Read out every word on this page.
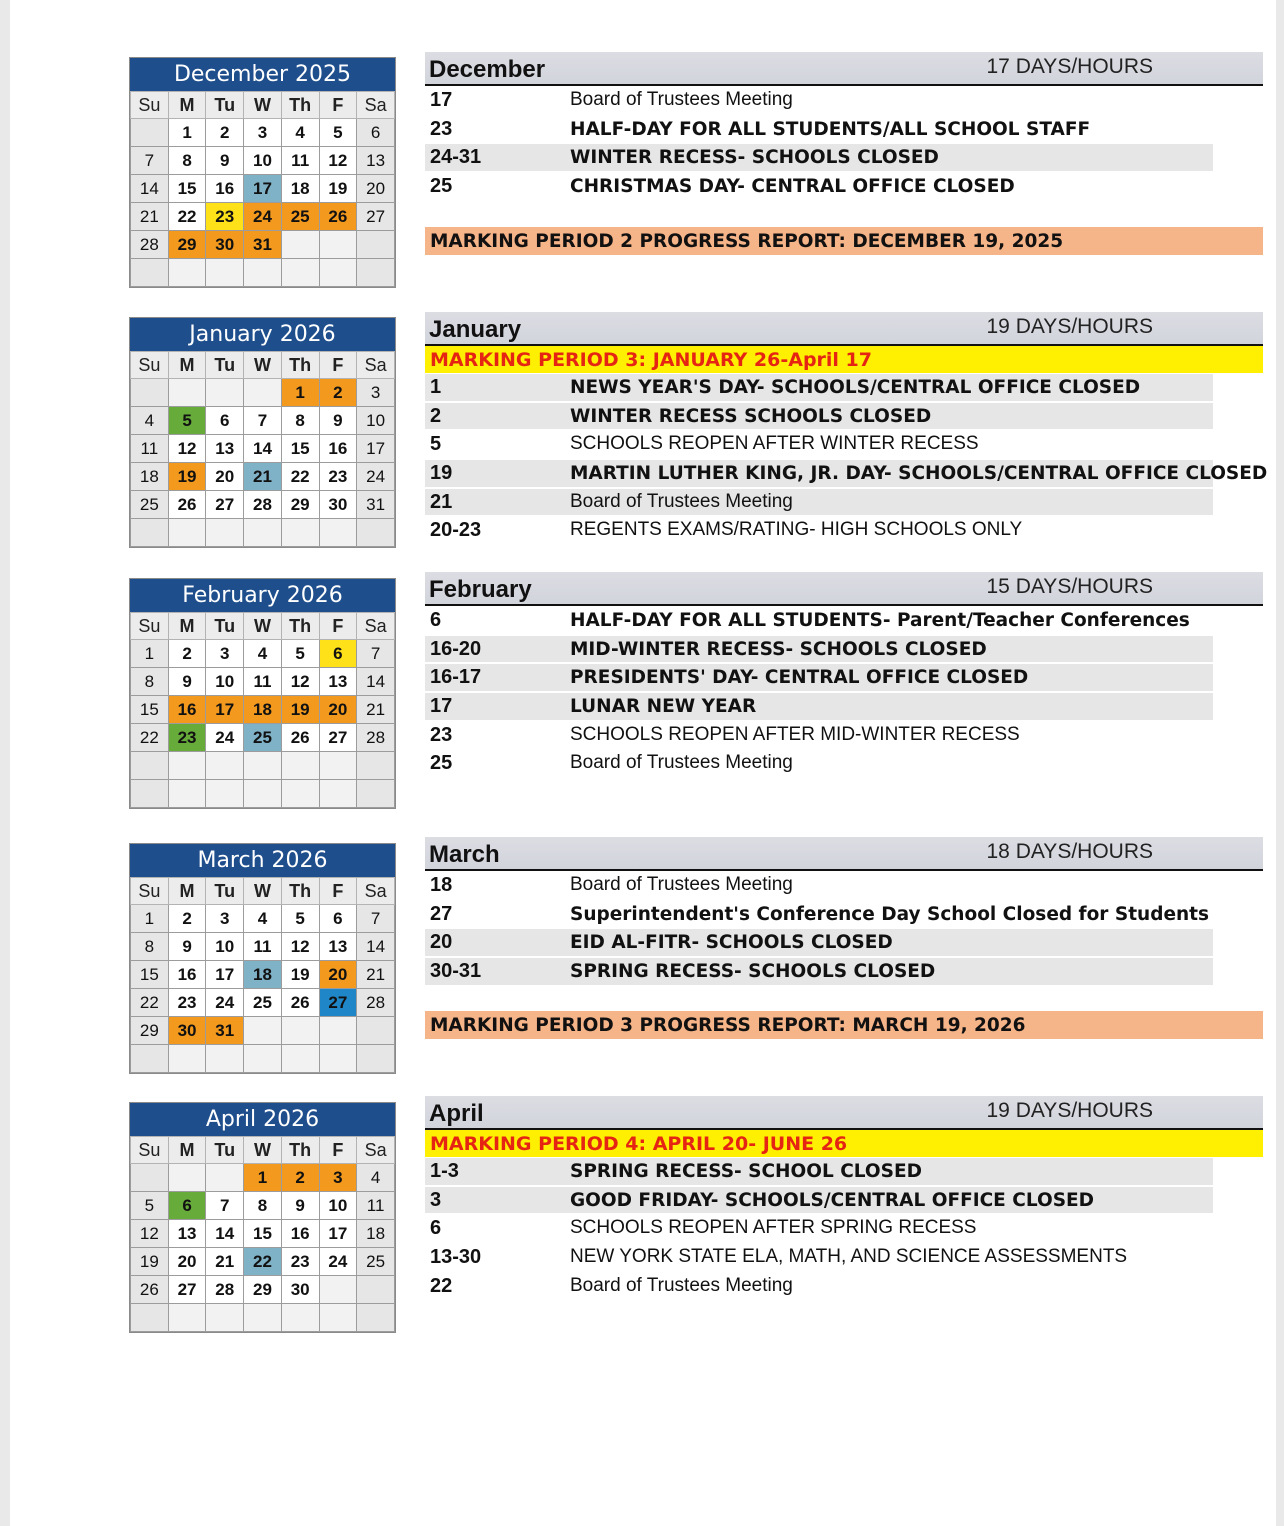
December 2025
Su	M	Tu	W	Th	F	Sa
	1	2	3	4	5	6
7	8	9	10	11	12	13
14	15	16	17	18	19	20
21	22	23	24	25	26	27
28	29	30	31			

January 2026
Su	M	Tu	W	Th	F	Sa
				1	2	3
4	5	6	7	8	9	10
11	12	13	14	15	16	17
18	19	20	21	22	23	24
25	26	27	28	29	30	31

February 2026
Su	M	Tu	W	Th	F	Sa
1	2	3	4	5	6	7
8	9	10	11	12	13	14
15	16	17	18	19	20	21
22	23	24	25	26	27	28

March 2026
Su	M	Tu	W	Th	F	Sa
1	2	3	4	5	6	7
8	9	10	11	12	13	14
15	16	17	18	19	20	21
22	23	24	25	26	27	28
29	30	31				

April 2026
Su	M	Tu	W	Th	F	Sa
			1	2	3	4
5	6	7	8	9	10	11
12	13	14	15	16	17	18
19	20	21	22	23	24	25
26	27	28	29	30		

December	17 DAYS/HOURS
17	Board of Trustees Meeting
23	HALF-DAY FOR ALL STUDENTS/ALL SCHOOL STAFF
24-31	WINTER RECESS- SCHOOLS CLOSED
25	CHRISTMAS DAY- CENTRAL OFFICE CLOSED
MARKING PERIOD 2 PROGRESS REPORT: DECEMBER 19, 2025
January	19 DAYS/HOURS
MARKING PERIOD 3: JANUARY 26-April 17
1	NEWS YEAR'S DAY- SCHOOLS/CENTRAL OFFICE CLOSED
2	WINTER RECESS SCHOOLS CLOSED
5	SCHOOLS REOPEN AFTER WINTER RECESS
19	MARTIN LUTHER KING, JR. DAY- SCHOOLS/CENTRAL OFFICE CLOSED
21	Board of Trustees Meeting
20-23	REGENTS EXAMS/RATING- HIGH SCHOOLS ONLY
February	15 DAYS/HOURS
6	HALF-DAY FOR ALL STUDENTS- Parent/Teacher Conferences
16-20	MID-WINTER RECESS- SCHOOLS CLOSED
16-17	PRESIDENTS' DAY- CENTRAL OFFICE CLOSED
17	LUNAR NEW YEAR
23	SCHOOLS REOPEN AFTER MID-WINTER RECESS
25	Board of Trustees Meeting
March	18 DAYS/HOURS
18	Board of Trustees Meeting
27	Superintendent's Conference Day School Closed for Students
20	EID AL-FITR- SCHOOLS CLOSED
30-31	SPRING RECESS- SCHOOLS CLOSED
MARKING PERIOD 3 PROGRESS REPORT: MARCH 19, 2026
April	19 DAYS/HOURS
MARKING PERIOD 4: APRIL 20- JUNE 26
1-3	SPRING RECESS- SCHOOL CLOSED
3	GOOD FRIDAY- SCHOOLS/CENTRAL OFFICE CLOSED
6	SCHOOLS REOPEN AFTER SPRING RECESS
13-30	NEW YORK STATE ELA, MATH, AND SCIENCE ASSESSMENTS
22	Board of Trustees Meeting
